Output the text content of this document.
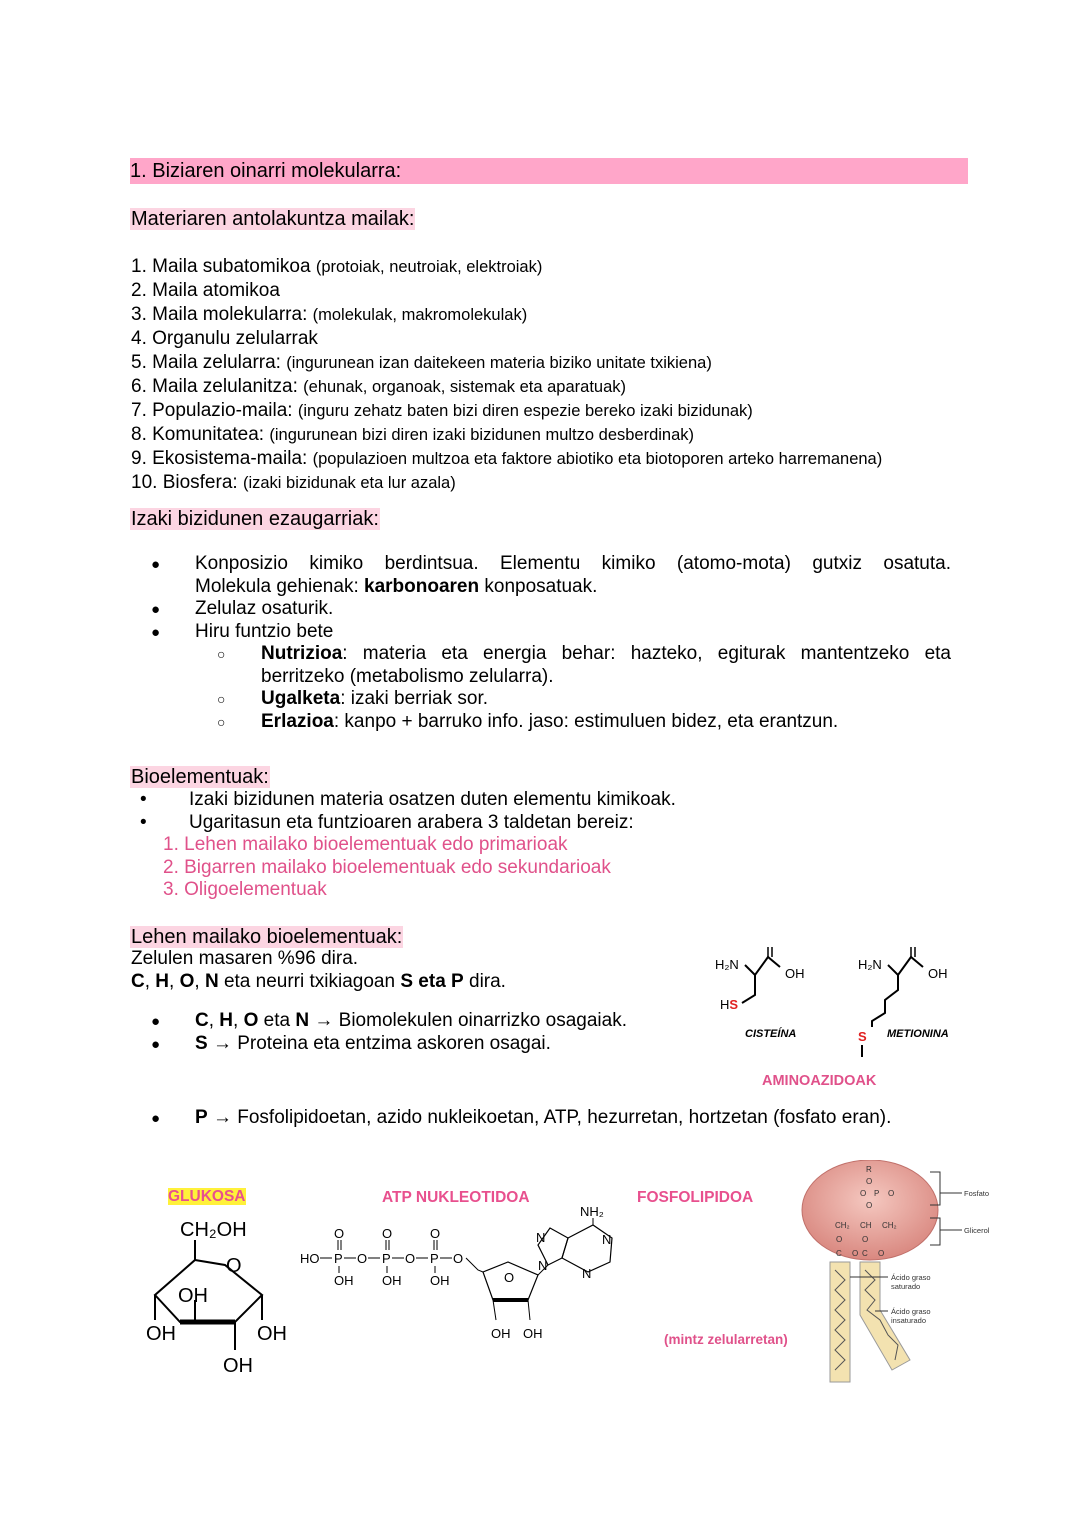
1. Biziaren oinarri molekularra:
Materiaren antolakuntza mailak:
1. Maila subatomikoa (protoiak, neutroiak, elektroiak)
2. Maila atomikoa
3. Maila molekularra: (molekulak, makromolekulak)
4. Organulu zelularrak
5. Maila zelularra: (ingurunean izan daitekeen materia biziko unitate txikiena)
6. Maila zelulanitza: (ehunak, organoak, sistemak eta aparatuak)
7. Populazio-maila: (inguru zehatz baten bizi diren espezie bereko izaki bizidunak)
8. Komunitatea: (ingurunean bizi diren izaki bizidunen multzo desberdinak)
9. Ekosistema-maila: (populazioen multzoa eta faktore abiotiko eta biotoporen arteko harremanena)
10. Biosfera: (izaki bizidunak eta lur azala)
Izaki bizidunen ezaugarriak:
● Konposizio kimiko berdintsua. Elementu kimiko (atomo-mota) gutxiz osatuta.
Molekula gehienak: karbonoaren konposatuak.
● Zelulaz osaturik.
● Hiru funtzio bete
○ Nutrizioa: materia eta energia behar: hazteko, egiturak mantentzeko eta
berritzeko (metabolismo zelularra).
○ Ugalketa: izaki berriak sor.
○ Erlazioa: kanpo + barruko info. jaso: estimuluen bidez, eta erantzun.
Bioelementuak:
• Izaki bizidunen materia osatzen duten elementu kimikoak.
• Ugaritasun eta funtzioaren arabera 3 taldetan bereiz:
1. Lehen mailako bioelementuak edo primarioak
2. Bigarren mailako bioelementuak edo sekundarioak
3. Oligoelementuak
Lehen mailako bioelementuak:
Zelulen masaren %96 dira.
C, H, O, N eta neurri txikiagoan S eta P dira.
● C, H, O eta N → Biomolekulen oinarrizko osagaiak.
● S → Proteina eta entzima askoren osagai.
● P → Fosfolipidoetan, azido nukleikoetan, ATP, hezurretan, hortzetan (fosfato eran).
H₂N
OH
HS
CISTEÍNA
H₂N
OH
S METIONINA
AMINOAZIDOAK
GLUKOSA	ATP NUKLEOTIDOA	FOSFOLIPIDOA
(mintz zelularretan)
CH₂OH
O
OH
OH
OH
OH
HO P O P O P O
O	O	O
OH OH OH	O
OH OH
N
N	N
N
NH₂
R
O
O P O
O
CH₂ CH CH₂
O O
C O C O
Fosfato
Glicerol
Ácido graso
saturado
Ácido graso
insaturado
